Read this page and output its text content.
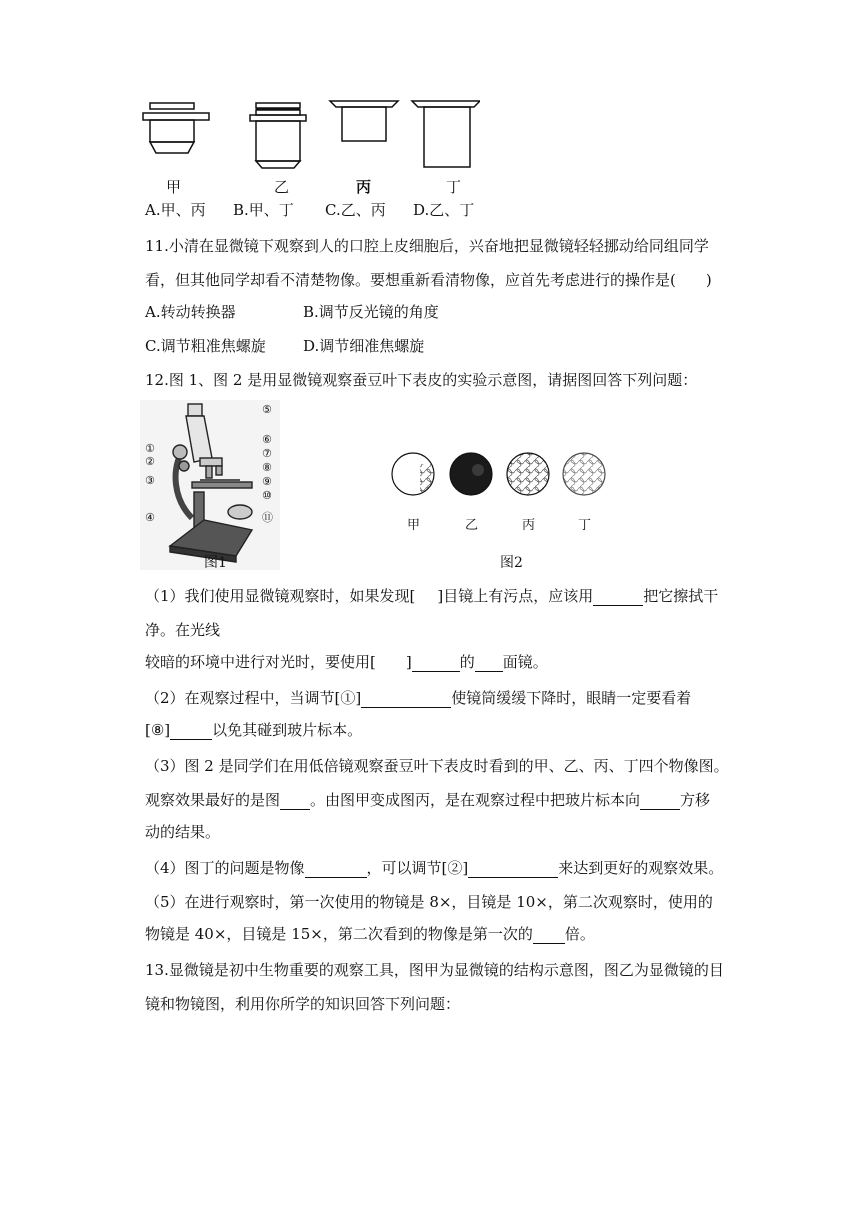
甲	乙	丙	丁
A.甲、丙 B.甲、丁 C.乙、丙 D.乙、丁
11.小清在显微镜下观察到人的口腔上皮细胞后，兴奋地把显微镜轻轻挪动给同组同学
看，但其他同学却看不清楚物像。要想重新看清物像，应首先考虑进行的操作是(　　)
A.转动转换器	B.调节反光镜的角度
C.调节粗准焦螺旋 D.调节细准焦螺旋
12.图 1、图 2 是用显微镜观察蚕豆叶下表皮的实验示意图，请据图回答下列问题：
①
②
③
④
⑤
⑥
⑦
⑧
⑨
⑩
⑪
图1
甲	乙	丙	丁
图2
（1）我们使用显微镜观察时，如果发现[ ]目镜上有污点，应该用	把它擦拭干
净。在光线
较暗的环境中进行对光时，要使用[ ]	的 面镜。
（2）在观察过程中，当调节[①]	使镜筒缓缓下降时，眼睛一定要看着
[⑧]	以免其碰到玻片标本。
（3）图 2 是同学们在用低倍镜观察蚕豆叶下表皮时看到的甲、乙、丙、丁四个物像图。
观察效果最好的是图 。由图甲变成图丙，是在观察过程中把玻片标本向	方移
动的结果。
（4）图丁的问题是物像	，可以调节[②]	来达到更好的观察效果。
（5）在进行观察时，第一次使用的物镜是 8×，目镜是 10×，第二次观察时，使用的
物镜是 40×，目镜是 15×，第二次看到的物像是第一次的 倍。
13.显微镜是初中生物重要的观察工具，图甲为显微镜的结构示意图，图乙为显微镜的目
镜和物镜图，利用你所学的知识回答下列问题：
